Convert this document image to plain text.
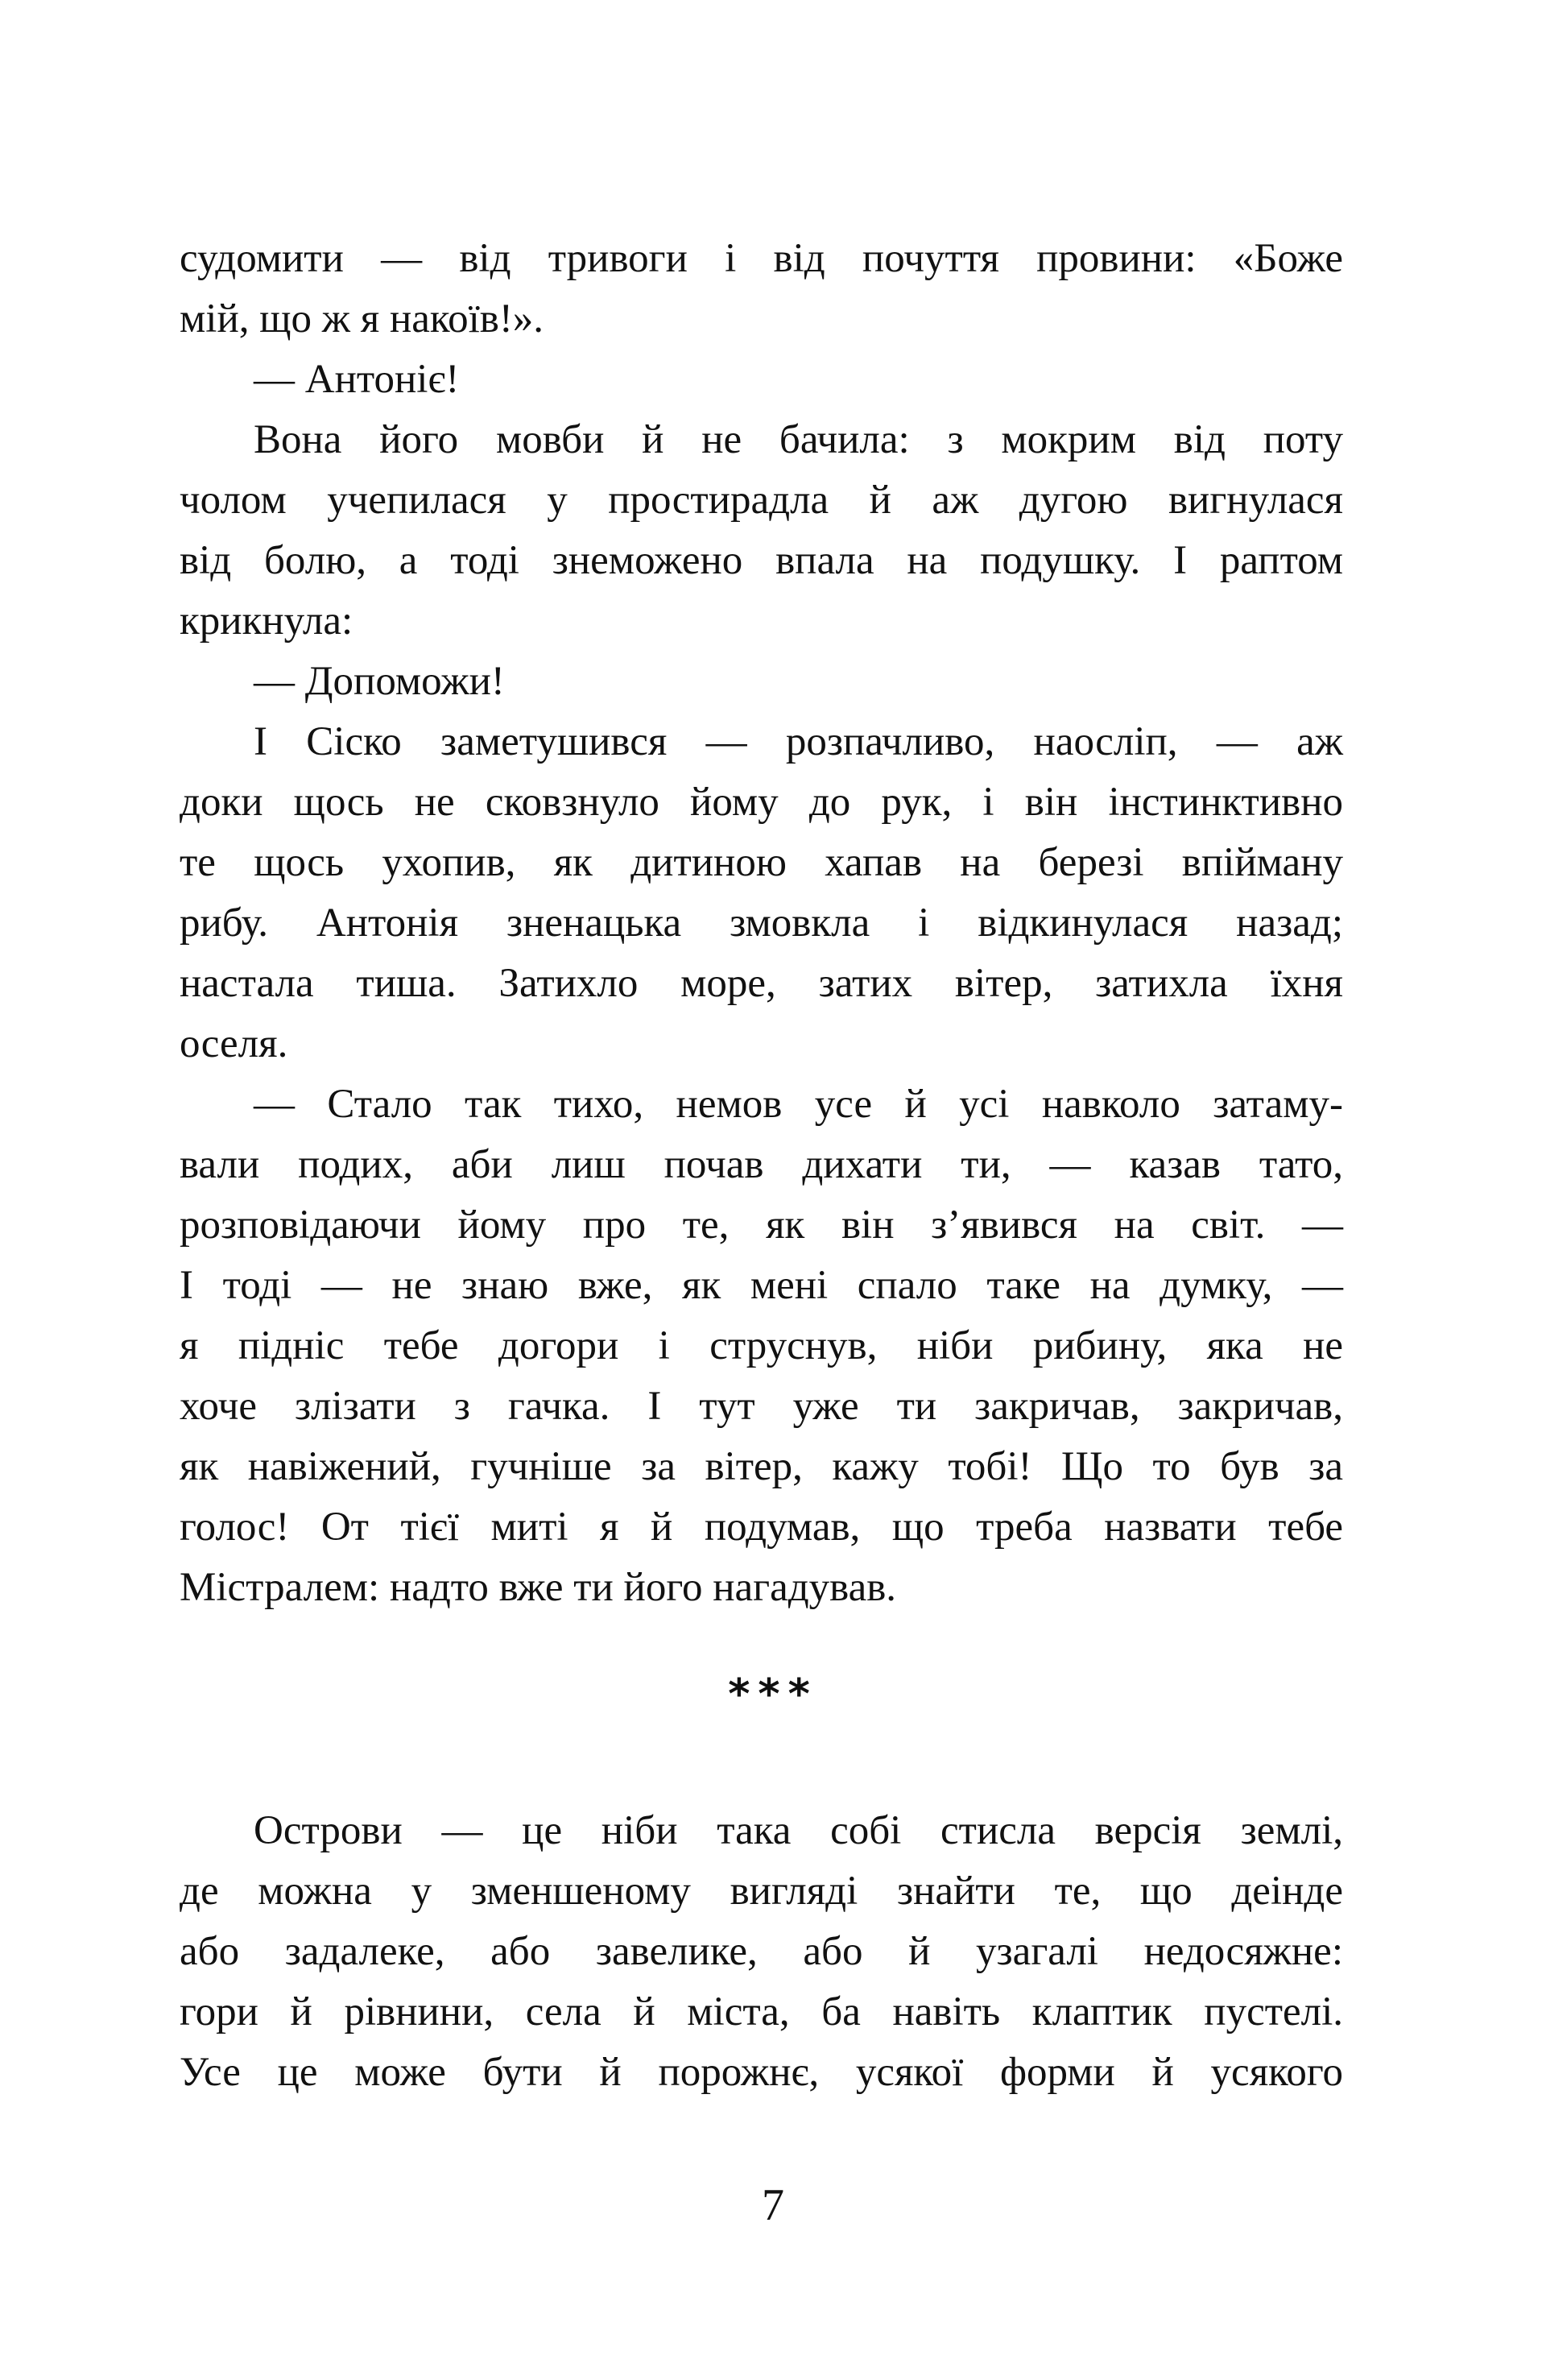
судомити — від тривоги і від почуття провини: «Боже
мій, що ж я накоїв!».
— Антоніє!
Вона його мовби й не бачила: з мокрим від поту
чолом учепилася у простирадла й аж дугою вигнулася
від болю, а тоді знеможено впала на подушку. І раптом
крикнула:
— Допоможи!
І Сіско заметушився — розпачливо, наосліп, — аж
доки щось не сковзнуло йому до рук, і він інстинктивно
те щось ухопив, як дитиною хапав на березі впійману
рибу. Антонія зненацька змовкла і відкинулася назад;
настала тиша. Затихло море, затих вітер, затихла їхня
оселя.
— Стало так тихо, немов усе й усі навколо затаму-
вали подих, аби лиш почав дихати ти, — казав тато,
розповідаючи йому про те, як він з’явився на світ. —
І тоді — не знаю вже, як мені спало таке на думку, —
я підніс тебе догори і струснув, ніби рибину, яка не
хоче злізати з гачка. І тут уже ти закричав, закричав,
як навіжений, гучніше за вітер, кажу тобі! Що то був за
голос! От тієї миті я й подумав, що треба назвати тебе
Містралем: надто вже ти його нагадував.
***
Острови — це ніби така собі стисла версія землі,
де можна у зменшеному вигляді знайти те, що деінде
або задалеке, або завелике, або й узагалі недосяжне:
гори й рівнини, села й міста, ба навіть клаптик пустелі.
Усе це може бути й порожнє, усякої форми й усякого
7
